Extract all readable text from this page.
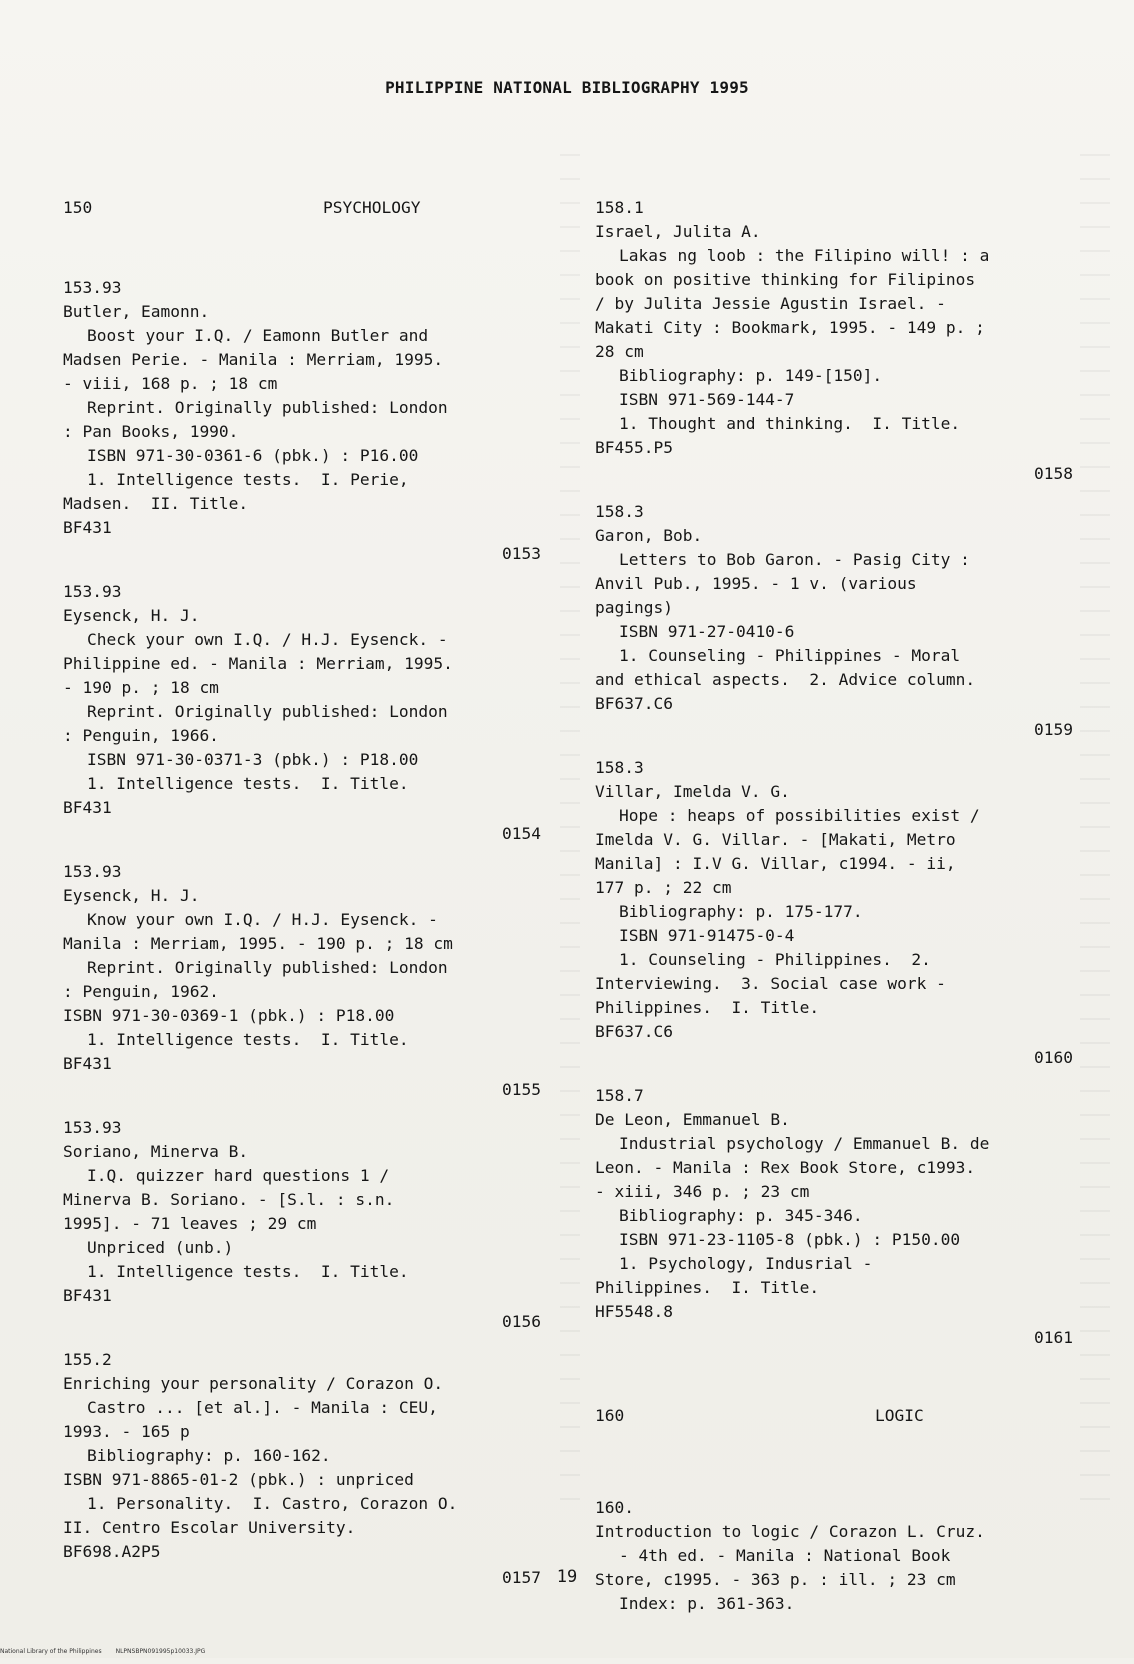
PHILIPPINE NATIONAL BIBLIOGRAPHY 1995

150	PSYCHOLOGY

153.93
Butler, Eamonn.
Boost your I.Q. / Eamonn Butler and
Madsen Perie. - Manila : Merriam, 1995.
- viii, 168 p. ; 18 cm
Reprint. Originally published: London
: Pan Books, 1990.
ISBN 971-30-0361-6 (pbk.) : P16.00
1. Intelligence tests.  I. Perie,
Madsen.  II. Title.
BF431
0153
153.93
Eysenck, H. J.
Check your own I.Q. / H.J. Eysenck. -
Philippine ed. - Manila : Merriam, 1995.
- 190 p. ; 18 cm
Reprint. Originally published: London
: Penguin, 1966.
ISBN 971-30-0371-3 (pbk.) : P18.00
1. Intelligence tests.  I. Title.
BF431
0154
153.93
Eysenck, H. J.
Know your own I.Q. / H.J. Eysenck. -
Manila : Merriam, 1995. - 190 p. ; 18 cm
Reprint. Originally published: London
: Penguin, 1962.
ISBN 971-30-0369-1 (pbk.) : P18.00
1. Intelligence tests.  I. Title.
BF431
0155
153.93
Soriano, Minerva B.
I.Q. quizzer hard questions 1 /
Minerva B. Soriano. - [S.l. : s.n.
1995]. - 71 leaves ; 29 cm
Unpriced (unb.)
1. Intelligence tests.  I. Title.
BF431
0156
155.2
Enriching your personality / Corazon O.
Castro ... [et al.]. - Manila : CEU,
1993. - 165 p
Bibliography: p. 160-162.
ISBN 971-8865-01-2 (pbk.) : unpriced
1. Personality.  I. Castro, Corazon O.
II. Centro Escolar University.
BF698.A2P5
0157

158.1
Israel, Julita A.
Lakas ng loob : the Filipino will! : a
book on positive thinking for Filipinos
/ by Julita Jessie Agustin Israel. -
Makati City : Bookmark, 1995. - 149 p. ;
28 cm
Bibliography: p. 149-[150].
ISBN 971-569-144-7
1. Thought and thinking.  I. Title.
BF455.P5
0158
158.3
Garon, Bob.
Letters to Bob Garon. - Pasig City :
Anvil Pub., 1995. - 1 v. (various
pagings)
ISBN 971-27-0410-6
1. Counseling - Philippines - Moral
and ethical aspects.  2. Advice column.
BF637.C6
0159
158.3
Villar, Imelda V. G.
Hope : heaps of possibilities exist /
Imelda V. G. Villar. - [Makati, Metro
Manila] : I.V G. Villar, c1994. - ii,
177 p. ; 22 cm
Bibliography: p. 175-177.
ISBN 971-91475-0-4
1. Counseling - Philippines.  2.
Interviewing.  3. Social case work -
Philippines.  I. Title.
BF637.C6
0160
158.7
De Leon, Emmanuel B.
Industrial psychology / Emmanuel B. de
Leon. - Manila : Rex Book Store, c1993.
- xiii, 346 p. ; 23 cm
Bibliography: p. 345-346.
ISBN 971-23-1105-8 (pbk.) : P150.00
1. Psychology, Indusrial -
Philippines.  I. Title.
HF5548.8
0161

160	LOGIC

160.
Introduction to logic / Corazon L. Cruz.
- 4th ed. - Manila : National Book
Store, c1995. - 363 p. : ill. ; 23 cm
Index: p. 361-363.

19
National Library of the Philippines NLPNSBPN091995p10033.JPG
